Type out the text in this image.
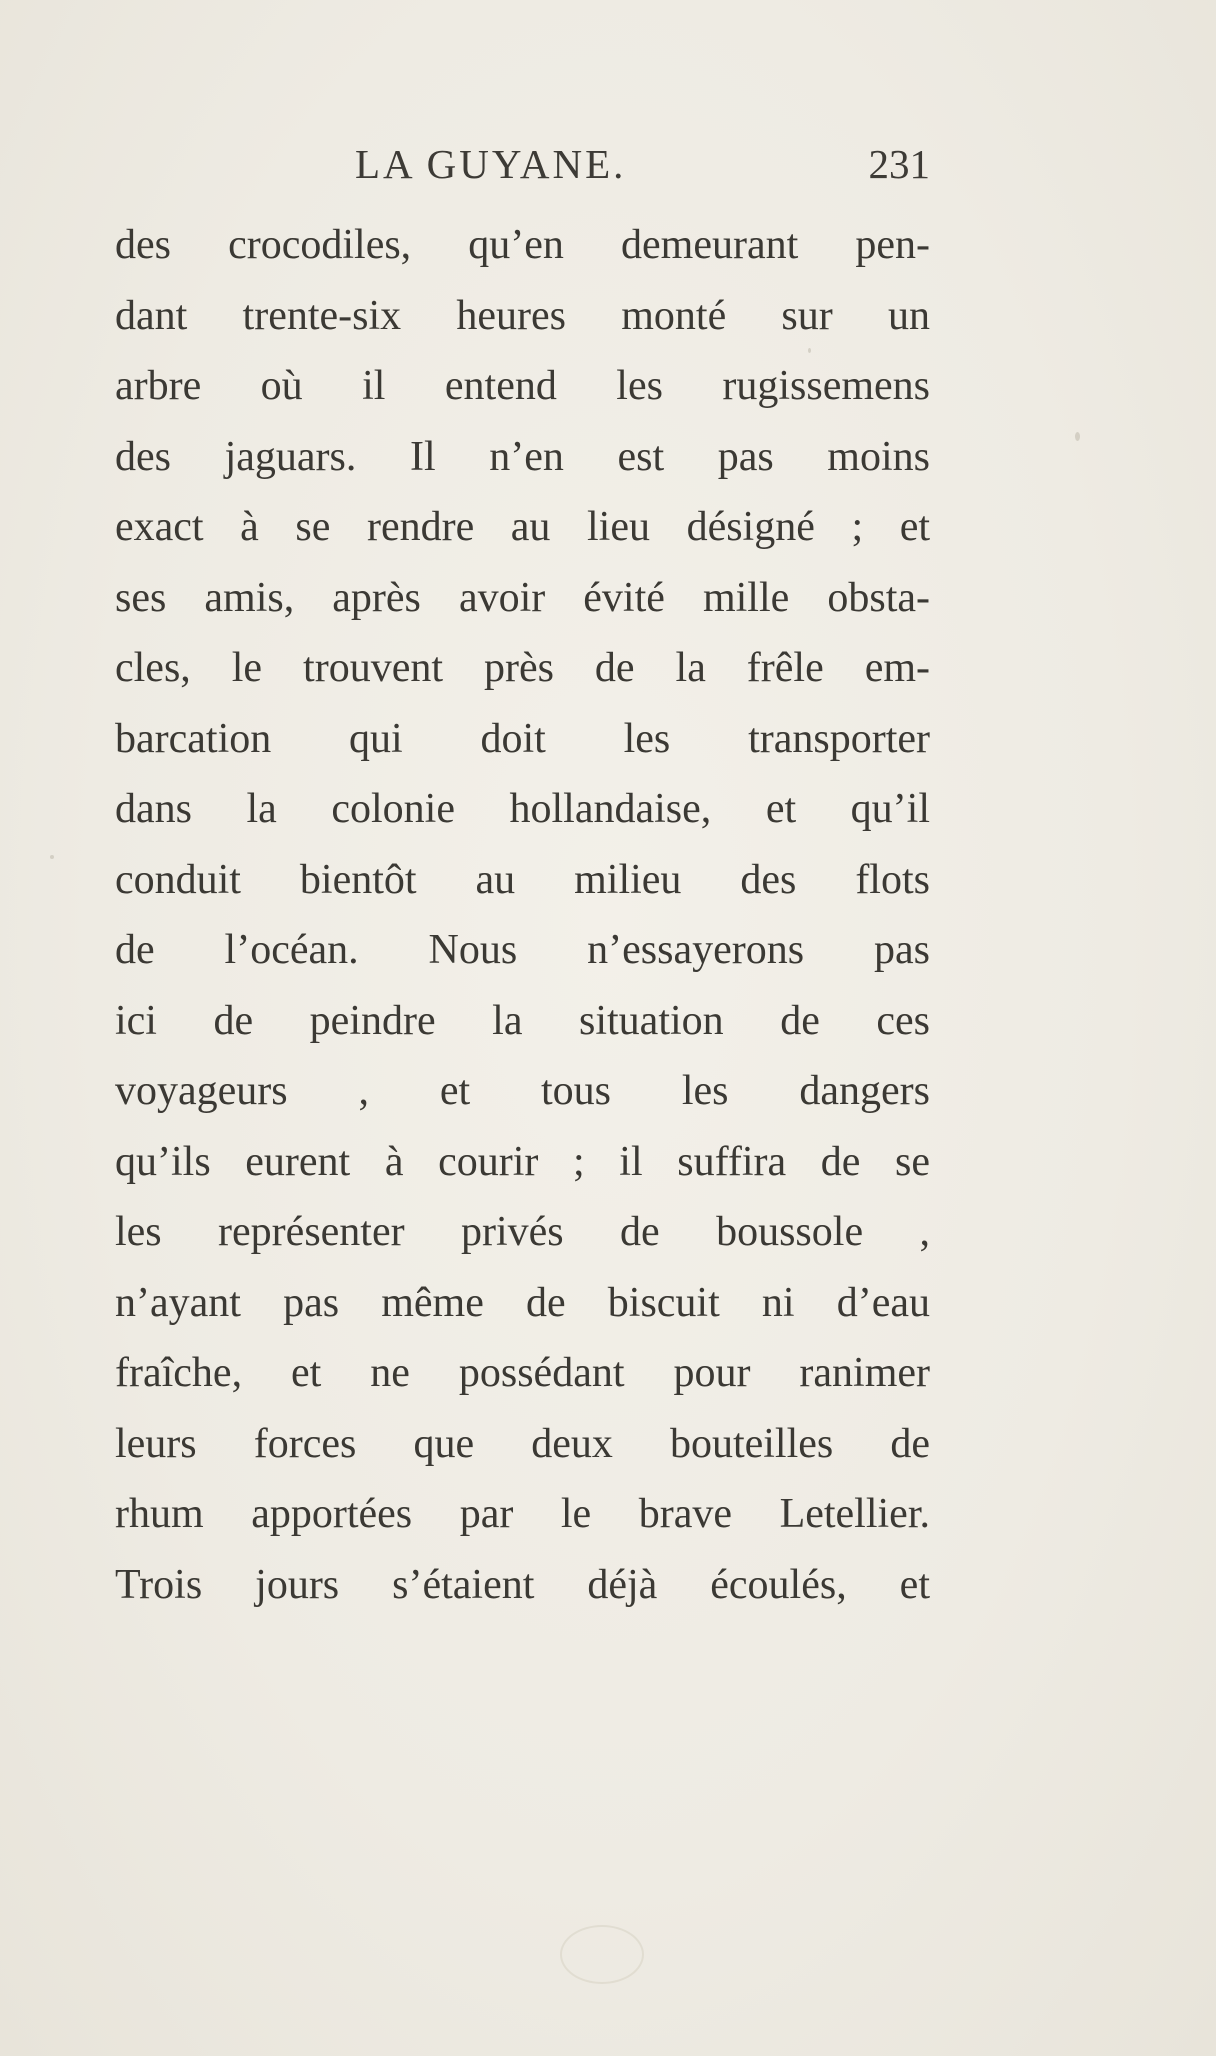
LA GUYANE.	231
des crocodiles, qu’en demeurant pen-
dant trente-six heures monté sur un
arbre où il entend les rugissemens
des jaguars. Il n’en est pas moins
exact à se rendre au lieu désigné ; et
ses amis, après avoir évité mille obsta-
cles, le trouvent près de la frêle em-
barcation qui doit les transporter
dans la colonie hollandaise, et qu’il
conduit bientôt au milieu des flots
de l’océan. Nous n’essayerons pas
ici de peindre la situation de ces
voyageurs , et tous les dangers
qu’ils eurent à courir ; il suffira de se
les représenter privés de boussole ,
n’ayant pas même de biscuit ni d’eau
fraîche, et ne possédant pour ranimer
leurs forces que deux bouteilles de
rhum apportées par le brave Letellier.
Trois jours s’étaient déjà écoulés, et
